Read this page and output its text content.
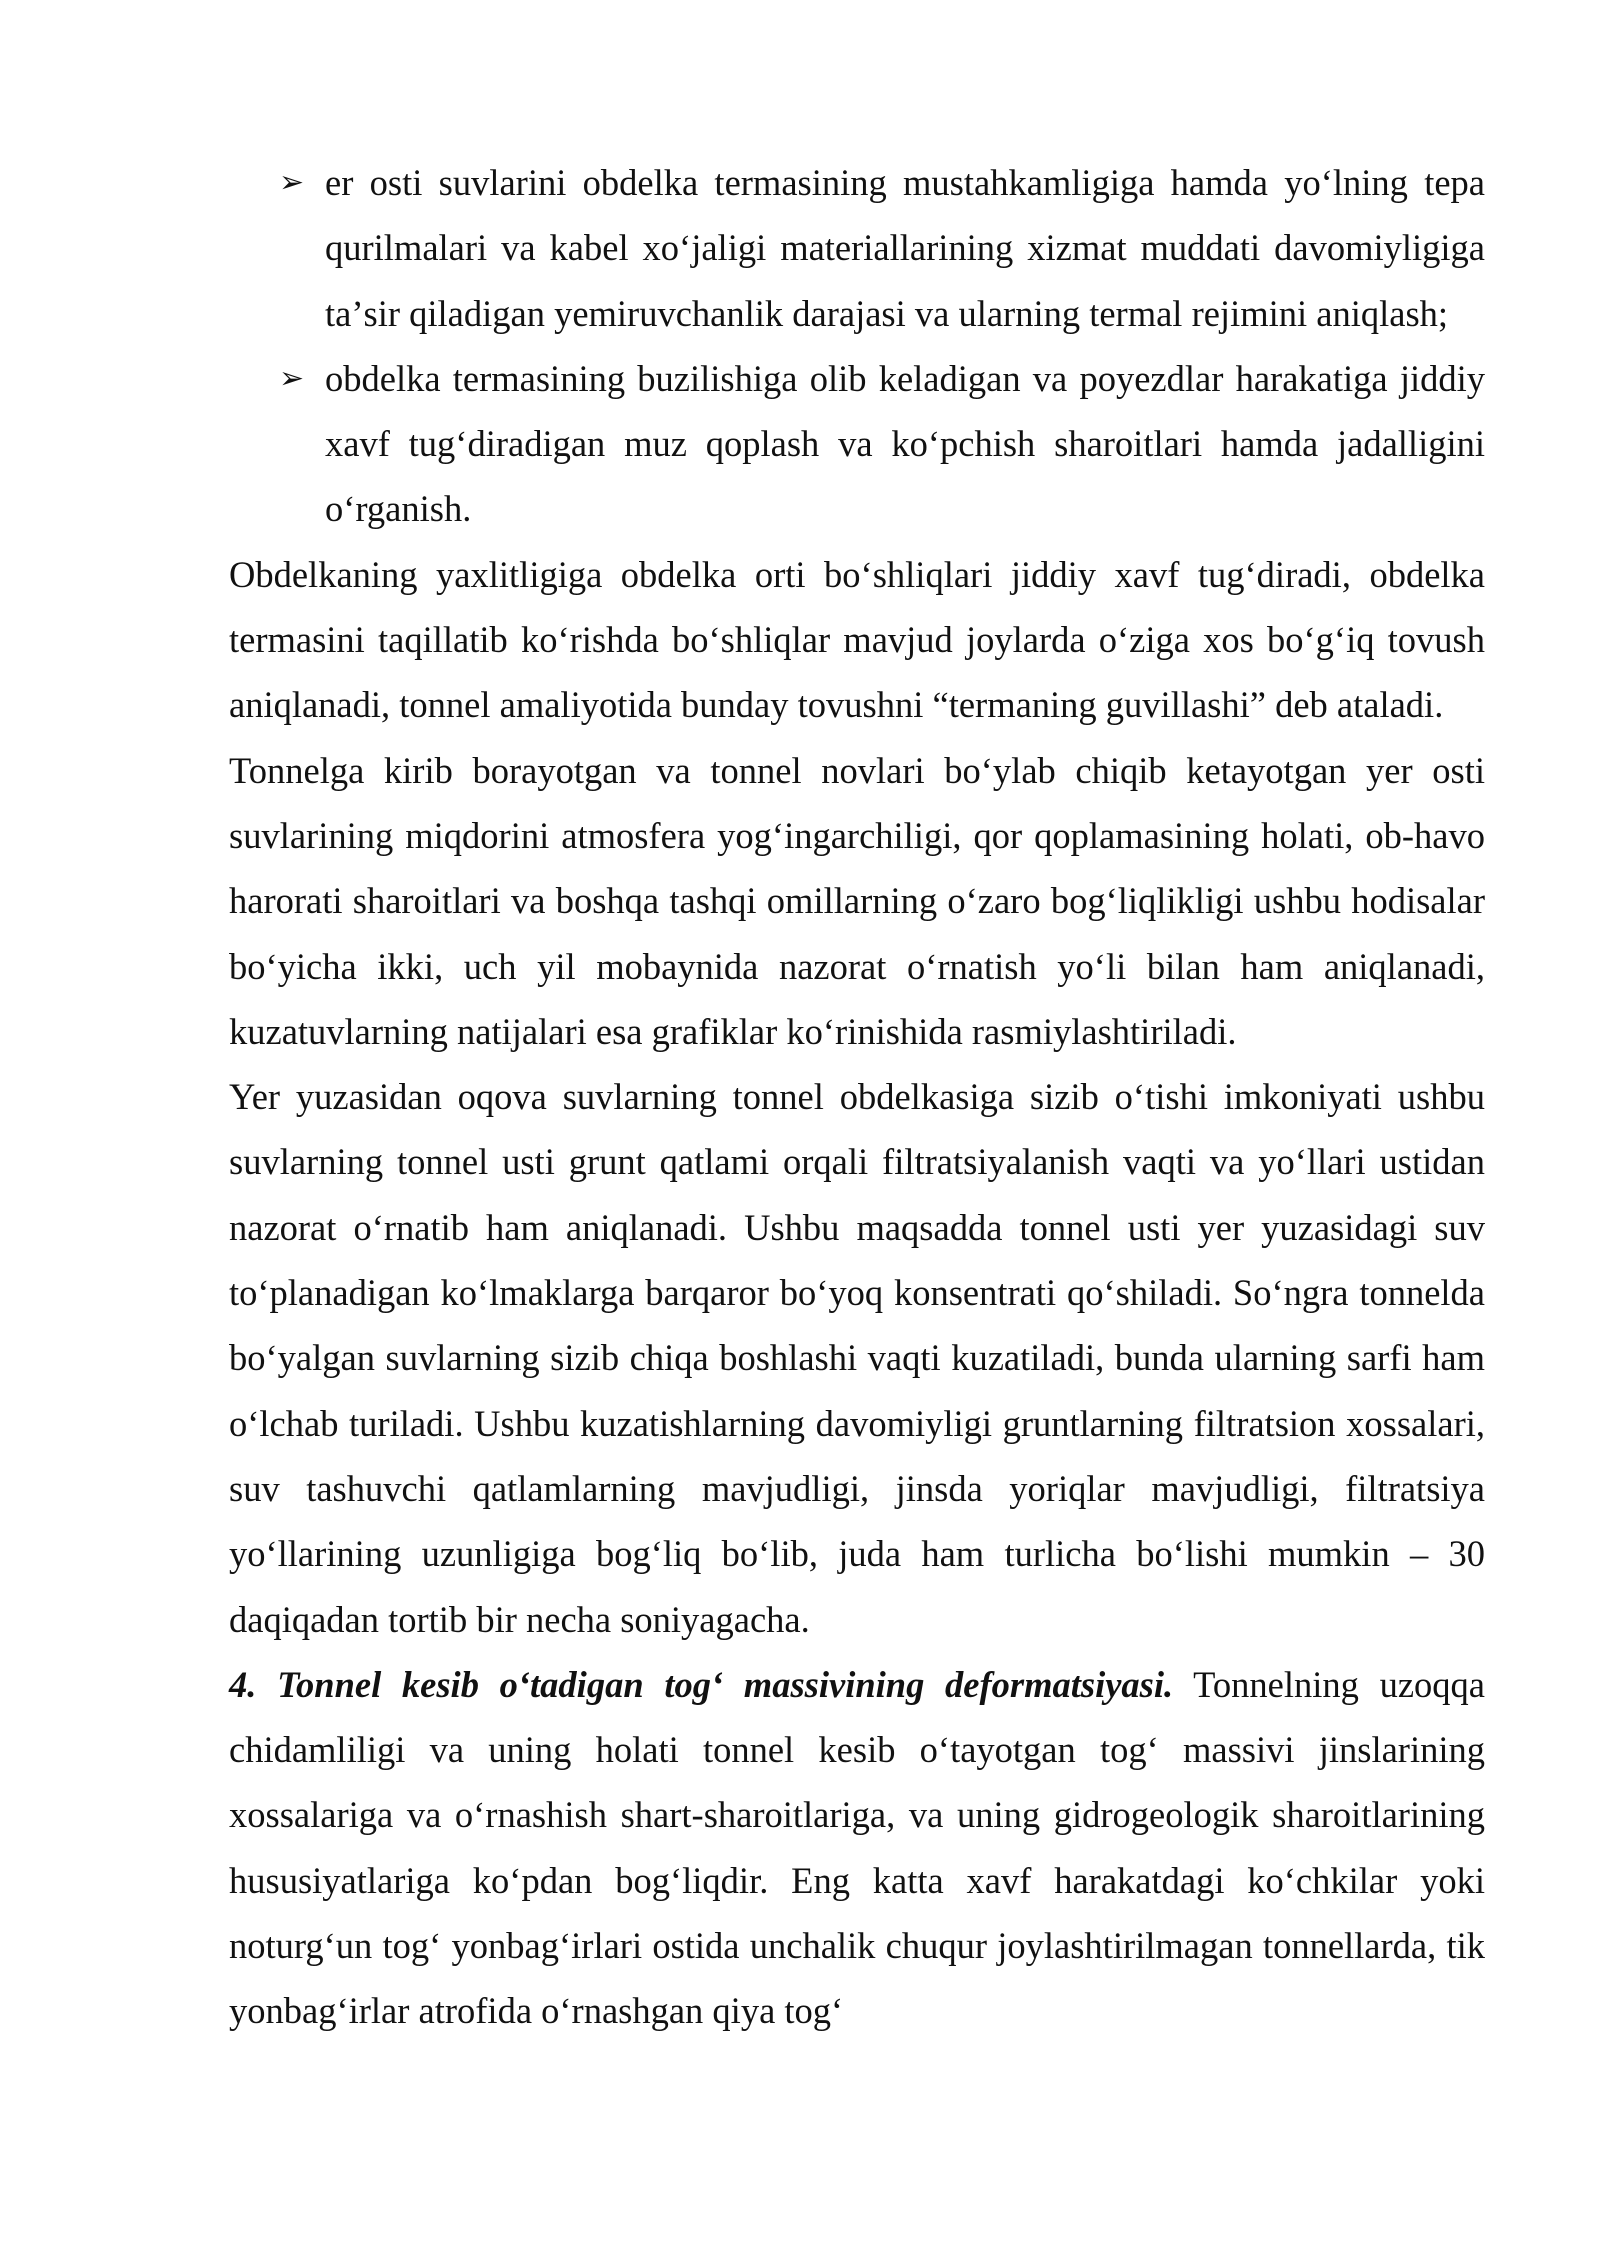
➢ er osti suvlarini obdelka termasining mustahkamligiga hamda yoʻlning tepa qurilmalari va kabel xoʻjaligi materiallarining xizmat muddati davomiyligiga taʼsir qiladigan yemiruvchanlik darajasi va ularning termal rejimini aniqlash;
➢ obdelka termasining buzilishiga olib keladigan va poyezdlar harakatiga jiddiy xavf tugʻdiradigan muz qoplash va koʻpchish sharoitlari hamda jadalligini oʻrganish.

Obdelkaning yaxlitligiga obdelka orti boʻshliqlari jiddiy xavf tugʻdiradi, obdelka termasini taqillatib koʻrishda boʻshliqlar mavjud joylarda oʻziga xos boʻgʻiq tovush aniqlanadi, tonnel amaliyotida bunday tovushni “termaning guvillashi” deb ataladi.

Tonnelga kirib borayotgan va tonnel novlari boʻylab chiqib ketayotgan yer osti suvlarining miqdorini atmosfera yogʻingarchiligi, qor qoplamasining holati, ob-havo harorati sharoitlari va boshqa tashqi omillarning oʻzaro bogʻliqlikligi ushbu hodisalar boʻyicha ikki, uch yil mobaynida nazorat oʻrnatish yoʻli bilan ham aniqlanadi, kuzatuvlarning natijalari esa grafiklar koʻrinishida rasmiylashtiriladi.

Yer yuzasidan oqova suvlarning tonnel obdelkasiga sizib oʻtishi imkoniyati ushbu suvlarning tonnel usti grunt qatlami orqali filtratsiyalanish vaqti va yoʻllari ustidan nazorat oʻrnatib ham aniqlanadi. Ushbu maqsadda tonnel usti yer yuzasidagi suv toʻplanadigan koʻlmaklarga barqaror boʻyoq konsentrati qoʻshiladi. Soʻngra tonnelda boʻyalgan suvlarning sizib chiqa boshlashi vaqti kuzatiladi, bunda ularning sarfi ham oʻlchab turiladi. Ushbu kuzatishlarning davomiyligi gruntlarning filtratsion xossalari, suv tashuvchi qatlamlarning mavjudligi, jinsda yoriqlar mavjudligi, filtratsiya yoʻllarining uzunligiga bogʻliq boʻlib, juda ham turlicha boʻlishi mumkin – 30 daqiqadan tortib bir necha soniyagacha.

4. Tonnel kesib oʻtadigan togʻ massivining deformatsiyasi. Tonnelning uzoqqa chidamliligi va uning holati tonnel kesib oʻtayotgan togʻ massivi jinslarining xossalariga va oʻrnashish shart-sharoitlariga, va uning gidrogeologik sharoitlarining hususiyatlariga koʻpdan bogʻliqdir. Eng katta xavf harakatdagi koʻchkilar yoki noturgʻun togʻ yonbagʻirlari ostida unchalik chuqur joylashtirilmagan tonnellarda, tik yonbagʻirlar atrofida oʻrnashgan qiya togʻ
